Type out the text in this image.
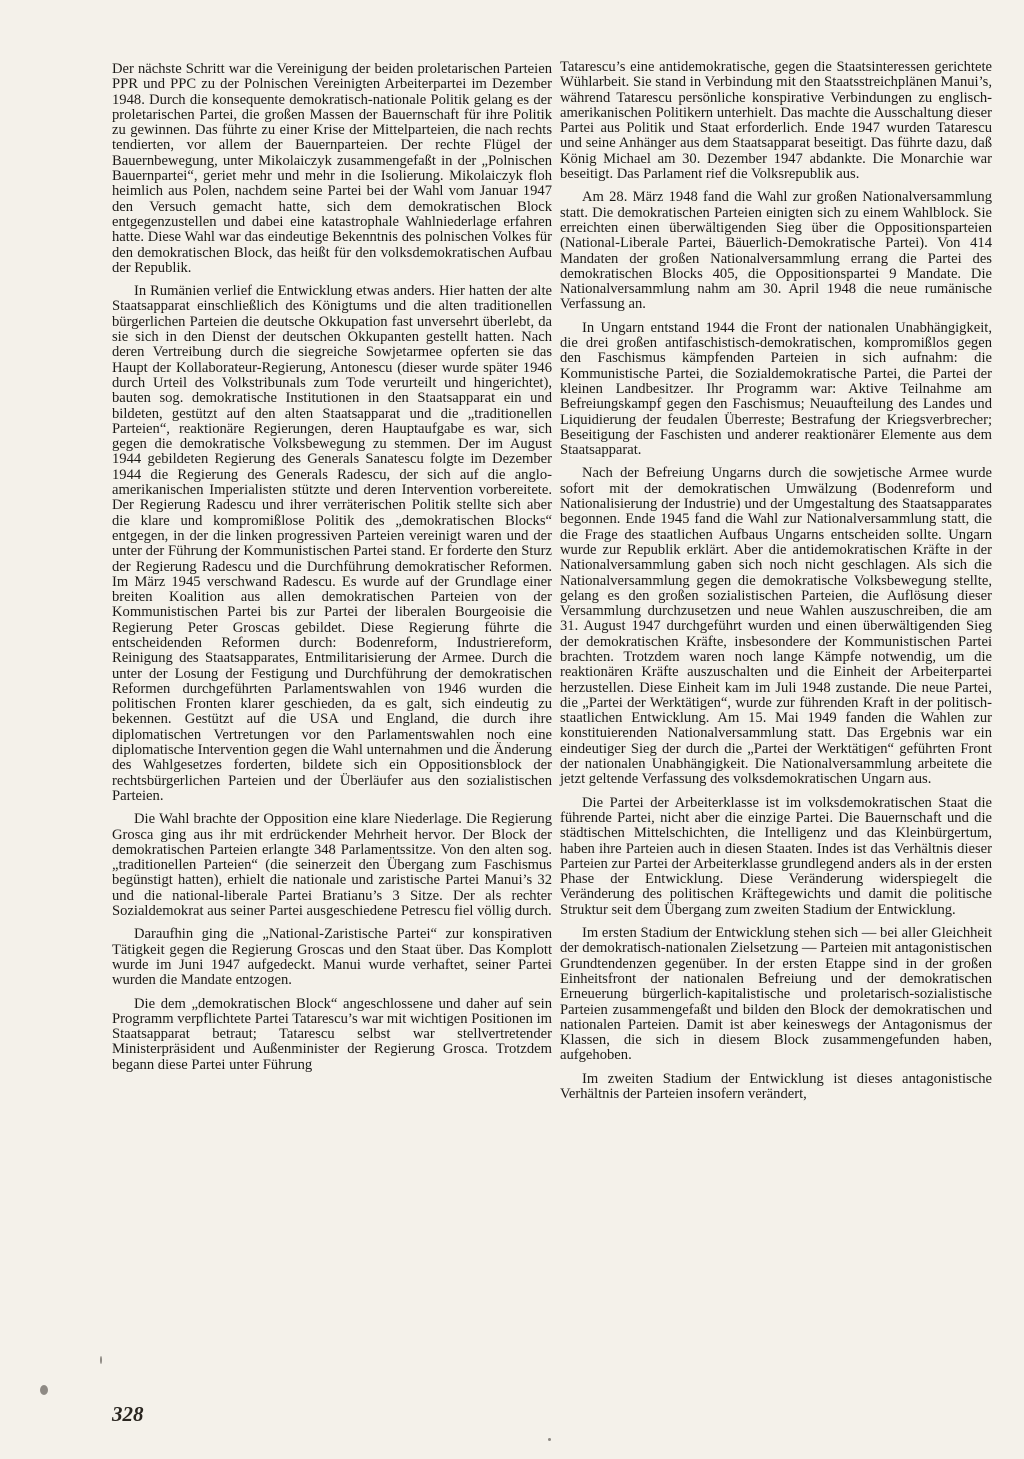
Der nächste Schritt war die Vereinigung der beiden proletarischen Parteien PPR und PPC zu der Polnischen Vereinigten Arbeiterpartei im Dezember 1948. Durch die konsequente demokratisch-nationale Politik gelang es der proletarischen Partei, die großen Massen der Bauernschaft für ihre Politik zu gewinnen. Das führte zu einer Krise der Mittelparteien, die nach rechts tendierten, vor allem der Bauernparteien. Der rechte Flügel der Bauernbewegung, unter Mikolaiczyk zusammengefaßt in der „Polnischen Bauernpartei“, geriet mehr und mehr in die Isolierung. Mikolaiczyk floh heimlich aus Polen, nachdem seine Partei bei der Wahl vom Januar 1947 den Versuch gemacht hatte, sich dem demokratischen Block entgegenzustellen und dabei eine katastrophale Wahlniederlage erfahren hatte. Diese Wahl war das eindeutige Bekenntnis des polnischen Volkes für den demokratischen Block, das heißt für den volksdemokratischen Aufbau der Republik.

In Rumänien verlief die Entwicklung etwas anders. Hier hatten der alte Staatsapparat einschließlich des Königtums und die alten traditionellen bürgerlichen Parteien die deutsche Okkupation fast unversehrt überlebt, da sie sich in den Dienst der deutschen Okkupanten gestellt hatten. Nach deren Vertreibung durch die siegreiche Sowjetarmee opferten sie das Haupt der Kollaborateur-Regierung, Antonescu (dieser wurde später 1946 durch Urteil des Volkstribunals zum Tode verurteilt und hingerichtet), bauten sog. demokratische Institutionen in den Staatsapparat ein und bildeten, gestützt auf den alten Staatsapparat und die „traditionellen Parteien“, reaktionäre Regierungen, deren Hauptaufgabe es war, sich gegen die demokratische Volksbewegung zu stemmen. Der im August 1944 gebildeten Regierung des Generals Sanatescu folgte im Dezember 1944 die Regierung des Generals Radescu, der sich auf die anglo-amerikanischen Imperialisten stützte und deren Intervention vorbereitete. Der Regierung Radescu und ihrer verräterischen Politik stellte sich aber die klare und kompromißlose Politik des „demokratischen Blocks“ entgegen, in der die linken progressiven Parteien vereinigt waren und der unter der Führung der Kommunistischen Partei stand. Er forderte den Sturz der Regierung Radescu und die Durchführung demokratischer Reformen. Im März 1945 verschwand Radescu. Es wurde auf der Grundlage einer breiten Koalition aus allen demokratischen Parteien von der Kommunistischen Partei bis zur Partei der liberalen Bourgeoisie die Regierung Peter Groscas gebildet. Diese Regierung führte die entscheidenden Reformen durch: Bodenreform, Industriereform, Reinigung des Staatsapparates, Entmilitarisierung der Armee. Durch die unter der Losung der Festigung und Durchführung der demokratischen Reformen durchgeführten Parlamentswahlen von 1946 wurden die politischen Fronten klarer geschieden, da es galt, sich eindeutig zu bekennen. Gestützt auf die USA und England, die durch ihre diplomatischen Vertretungen vor den Parlamentswahlen noch eine diplomatische Intervention gegen die Wahl unternahmen und die Änderung des Wahlgesetzes forderten, bildete sich ein Oppositionsblock der rechtsbürgerlichen Parteien und der Überläufer aus den sozialistischen Parteien.

Die Wahl brachte der Opposition eine klare Niederlage. Die Regierung Grosca ging aus ihr mit erdrückender Mehrheit hervor. Der Block der demokratischen Parteien erlangte 348 Parlamentssitze. Von den alten sog. „traditionellen Parteien“ (die seinerzeit den Übergang zum Faschismus begünstigt hatten), erhielt die nationale und zaristische Partei Manui’s 32 und die national-liberale Partei Bratianu’s 3 Sitze. Der als rechter Sozialdemokrat aus seiner Partei ausgeschiedene Petrescu fiel völlig durch.

Daraufhin ging die „National-Zaristische Partei“ zur konspirativen Tätigkeit gegen die Regierung Groscas und den Staat über. Das Komplott wurde im Juni 1947 aufgedeckt. Manui wurde verhaftet, seiner Partei wurden die Mandate entzogen.

Die dem „demokratischen Block“ angeschlossene und daher auf sein Programm verpflichtete Partei Tatarescu’s war mit wichtigen Positionen im Staatsapparat betraut; Tatarescu selbst war stellvertretender Ministerpräsident und Außenminister der Regierung Grosca. Trotzdem begann diese Partei unter Führung

Tatarescu’s eine antidemokratische, gegen die Staatsinteressen gerichtete Wühlarbeit. Sie stand in Verbindung mit den Staatsstreichplänen Manui’s, während Tatarescu persönliche konspirative Verbindungen zu englisch-amerikanischen Politikern unterhielt. Das machte die Ausschaltung dieser Partei aus Politik und Staat erforderlich. Ende 1947 wurden Tatarescu und seine Anhänger aus dem Staatsapparat beseitigt. Das führte dazu, daß König Michael am 30. Dezember 1947 abdankte. Die Monarchie war beseitigt. Das Parlament rief die Volksrepublik aus.

Am 28. März 1948 fand die Wahl zur großen Nationalversammlung statt. Die demokratischen Parteien einigten sich zu einem Wahlblock. Sie erreichten einen überwältigenden Sieg über die Oppositionsparteien (National-Liberale Partei, Bäuerlich-Demokratische Partei). Von 414 Mandaten der großen Nationalversammlung errang die Partei des demokratischen Blocks 405, die Oppositionspartei 9 Mandate. Die Nationalversammlung nahm am 30. April 1948 die neue rumänische Verfassung an.

In Ungarn entstand 1944 die Front der nationalen Unabhängigkeit, die drei großen antifaschistisch-demokratischen, kompromißlos gegen den Faschismus kämpfenden Parteien in sich aufnahm: die Kommunistische Partei, die Sozialdemokratische Partei, die Partei der kleinen Landbesitzer. Ihr Programm war: Aktive Teilnahme am Befreiungskampf gegen den Faschismus; Neuaufteilung des Landes und Liquidierung der feudalen Überreste; Bestrafung der Kriegsverbrecher; Beseitigung der Faschisten und anderer reaktionärer Elemente aus dem Staatsapparat.

Nach der Befreiung Ungarns durch die sowjetische Armee wurde sofort mit der demokratischen Umwälzung (Bodenreform und Nationalisierung der Industrie) und der Umgestaltung des Staatsapparates begonnen. Ende 1945 fand die Wahl zur Nationalversammlung statt, die die Frage des staatlichen Aufbaus Ungarns entscheiden sollte. Ungarn wurde zur Republik erklärt. Aber die antidemokratischen Kräfte in der Nationalversammlung gaben sich noch nicht geschlagen. Als sich die Nationalversammlung gegen die demokratische Volksbewegung stellte, gelang es den großen sozialistischen Parteien, die Auflösung dieser Versammlung durchzusetzen und neue Wahlen auszuschreiben, die am 31. August 1947 durchgeführt wurden und einen überwältigenden Sieg der demokratischen Kräfte, insbesondere der Kommunistischen Partei brachten. Trotzdem waren noch lange Kämpfe notwendig, um die reaktionären Kräfte auszuschalten und die Einheit der Arbeiterpartei herzustellen. Diese Einheit kam im Juli 1948 zustande. Die neue Partei, die „Partei der Werktätigen“, wurde zur führenden Kraft in der politisch-staatlichen Entwicklung. Am 15. Mai 1949 fanden die Wahlen zur konstituierenden Nationalversammlung statt. Das Ergebnis war ein eindeutiger Sieg der durch die „Partei der Werktätigen“ geführten Front der nationalen Unabhängigkeit. Die Nationalversammlung arbeitete die jetzt geltende Verfassung des volksdemokratischen Ungarn aus.

Die Partei der Arbeiterklasse ist im volksdemokratischen Staat die führende Partei, nicht aber die einzige Partei. Die Bauernschaft und die städtischen Mittelschichten, die Intelligenz und das Kleinbürgertum, haben ihre Parteien auch in diesen Staaten. Indes ist das Verhältnis dieser Parteien zur Partei der Arbeiterklasse grundlegend anders als in der ersten Phase der Entwicklung. Diese Veränderung widerspiegelt die Veränderung des politischen Kräftegewichts und damit die politische Struktur seit dem Übergang zum zweiten Stadium der Entwicklung.

Im ersten Stadium der Entwicklung stehen sich — bei aller Gleichheit der demokratisch-nationalen Zielsetzung — Parteien mit antagonistischen Grundtendenzen gegenüber. In der ersten Etappe sind in der großen Einheitsfront der nationalen Befreiung und der demokratischen Erneuerung bürgerlich-kapitalistische und proletarisch-sozialistische Parteien zusammengefaßt und bilden den Block der demokratischen und nationalen Parteien. Damit ist aber keineswegs der Antagonismus der Klassen, die sich in diesem Block zusammengefunden haben, aufgehoben.

Im zweiten Stadium der Entwicklung ist dieses antagonistische Verhältnis der Parteien insofern verändert,

328
